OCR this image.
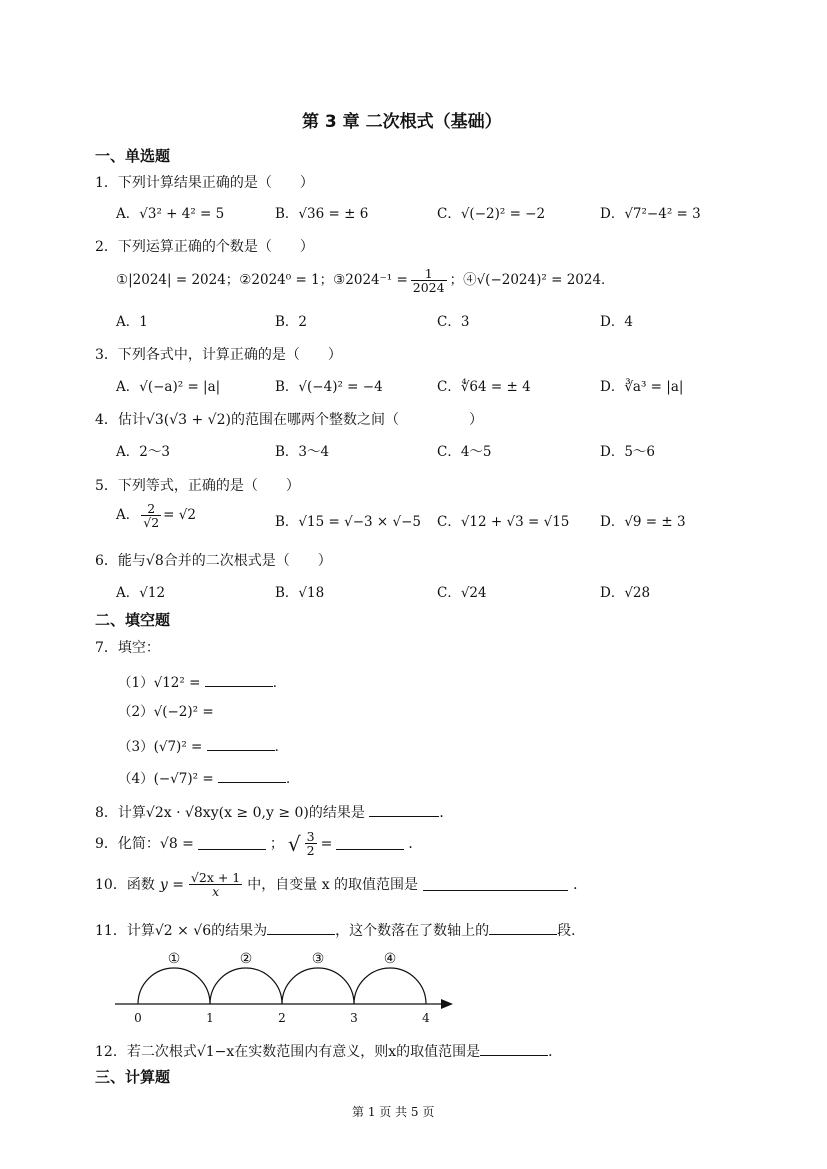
第 3 章 二次根式（基础）
一、单选题
1．下列计算结果正确的是（　　）
A．√3² + 4² = 5	B．√36 = ± 6	C．√(−2)² = −2	D．√7²−4² = 3
2．下列运算正确的个数是（　　）
①|2024| = 2024；②2024⁰ = 1；③2024⁻¹ = $\frac{1}{2024}$ ；④√(−2024)² = 2024．
A．1	B．2	C．3	D．4
3．下列各式中，计算正确的是（　　）
A．√(−a)² = |a|	B．√(−4)² = −4	C．∜64 = ± 4	D．∛a³ = |a|
4．估计√3(√3 + √2)的范围在哪两个整数之间（　　　　　）
A．2～3	B．3～4	C．4～5	D．5～6
5．下列等式，正确的是（　　）
A． $\frac{2}{√2} = √2$	B．√15 = √−3 × √−5 C．√12 + √3 = √15 D．√9 = ± 3
6．能与√8合并的二次根式是（　　）
A．√12	B．√18	C．√24	D．√28
二、填空题
7．填空：
（1）√12² =	．
（2）√(−2)² =
（3）(√7)² =	．
（4）(−√7)² =	．
8．计算√2x · √8xy(x ≥ 0,y ≥ 0)的结果是	．
9．化简：√8 =	； √ $\frac{3}{2}$ =	．
10．函数 $y = \frac{√2x + 1}{x}$ 中，自变量 x 的取值范围是	．
11．计算√2 × √6的结果为	，这个数落在了数轴上的	段．
0	1	2	3	4
①	②	③	④
12．若二次根式√1−x在实数范围内有意义，则x的取值范围是	．
三、计算题
第 1 页 共 5 页
